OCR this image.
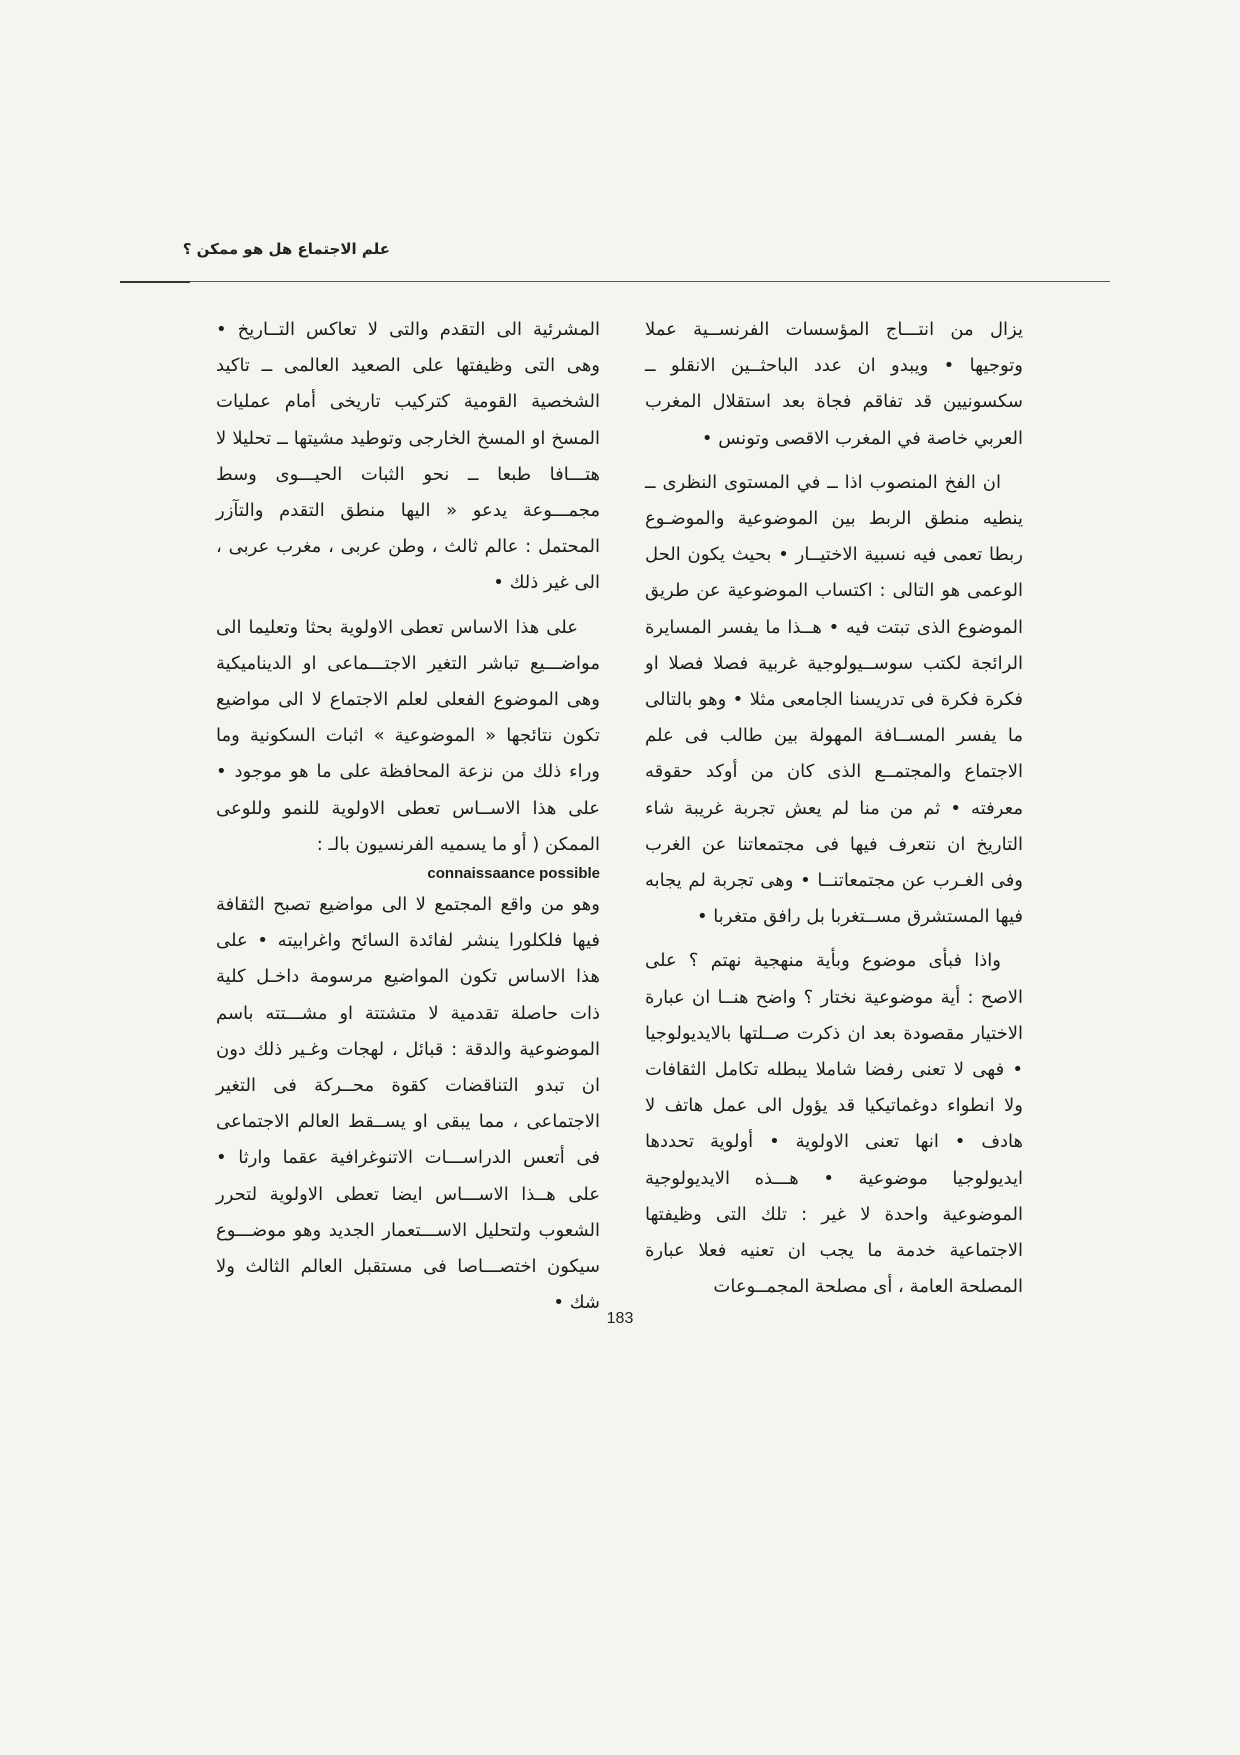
علم الاجتماع هل هو ممكن ؟

يزال من انتـــاج المؤسسات الفرنســية عملا وتوجيها • ويبدو ان عدد الباحثــين الانقلو ــ سكسونيين قد تفاقم فجاة بعد استقلال المغرب العربي خاصة في المغرب الاقصى وتونس •

ان الفخ المنصوب اذا ــ في المستوى النظرى ــ ينطيه منطق الربط بين الموضوعية والموضـوع ربطا تعمى فيه نسبية الاختيــار • بحيث يكون الحل الوعمى هو التالى : اكتساب الموضوعية عن طريق الموضوع الذى تبتت فيه • هــذا ما يفسر المسايرة الرائجة لكتب سوســيولوجية غربية فصلا فصلا او فكرة فكرة فى تدريسنا الجامعى مثلا • وهو بالتالى ما يفسر المســافة المهولة بين طالب فى علم الاجتماع والمجتمــع الذى كان من أوكد حقوقه معرفته • ثم من منا لم يعش تجربة غريبة شاء التاريخ ان نتعرف فيها فى مجتمعاتنا عن الغرب وفى الغـرب عن مجتمعاتنــا • وهى تجربة لم يجابه فيها المستشرق مســتغربا بل رافق متغربا •

واذا فبأى موضوع وبأية منهجية نهتم ؟ على الاصح : أية موضوعية نختار ؟ واضح هنــا ان عبارة الاختيار مقصودة بعد ان ذكرت صــلتها بالايديولوجيا • فهى لا تعنى رفضا شاملا يبطله تكامل الثقافات ولا انطواء دوغماتيكيا قد يؤول الى عمل هاتف لا هادف • انها تعنى الاولوية • أولوية تحددها ايديولوجيا موضوعية • هـــذه الايديولوجية الموضوعية واحدة لا غير : تلك التى وظيفتها الاجتماعية خدمة ما يجب ان تعنيه فعلا عبارة المصلحة العامة ، أى مصلحة المجمــوعات

المشرئية الى التقدم والتى لا تعاكس التــاريخ • وهى التى وظيفتها على الصعيد العالمى ــ تاكيد الشخصية القومية كتركيب تاريخى أمام عمليات المسخ او المسخ الخارجى وتوطيد مشيتها ــ تحليلا لا هتـــافا طبعا ــ نحو الثبات الحيـــوى وسط مجمـــوعة يدعو « اليها منطق التقدم والتآزر المحتمل : عالم ثالث ، وطن عربى ، مغرب عربى ، الى غير ذلك •

على هذا الاساس تعطى الاولوية بحثا وتعليما الى مواضـــيع تباشر التغير الاجتـــماعى او الديناميكية وهى الموضوع الفعلى لعلم الاجتماع لا الى مواضيع تكون نتائجها « الموضوعية » اثبات السكونية وما وراء ذلك من نزعة المحافظة على ما هو موجود • على هذا الاســاس تعطى الاولوية للنمو وللوعى الممكن ( أو ما يسميه الفرنسيون بالـ :

connaissaance possible

وهو من واقع المجتمع لا الى مواضيع تصبح الثقافة فيها فلكلورا ينشر لفائدة السائح واغرابيته • على هذا الاساس تكون المواضيع مرسومة داخـل كلية ذات حاصلة تقدمية لا متشتتة او مشـــتته باسم الموضوعية والدقة : قبائل ، لهجات وغـير ذلك دون ان تبدو التناقضات كقوة محــركة فى التغير الاجتماعى ، مما يبقى او يســقط العالم الاجتماعى فى أتعس الدراســـات الاتنوغرافية عقما وارثا • على هــذا الاســـاس ايضا تعطى الاولوية لتحرر الشعوب ولتحليل الاســـتعمار الجديد وهو موضـــوع سيكون اختصـــاصا فى مستقبل العالم الثالث ولا شك •

183
